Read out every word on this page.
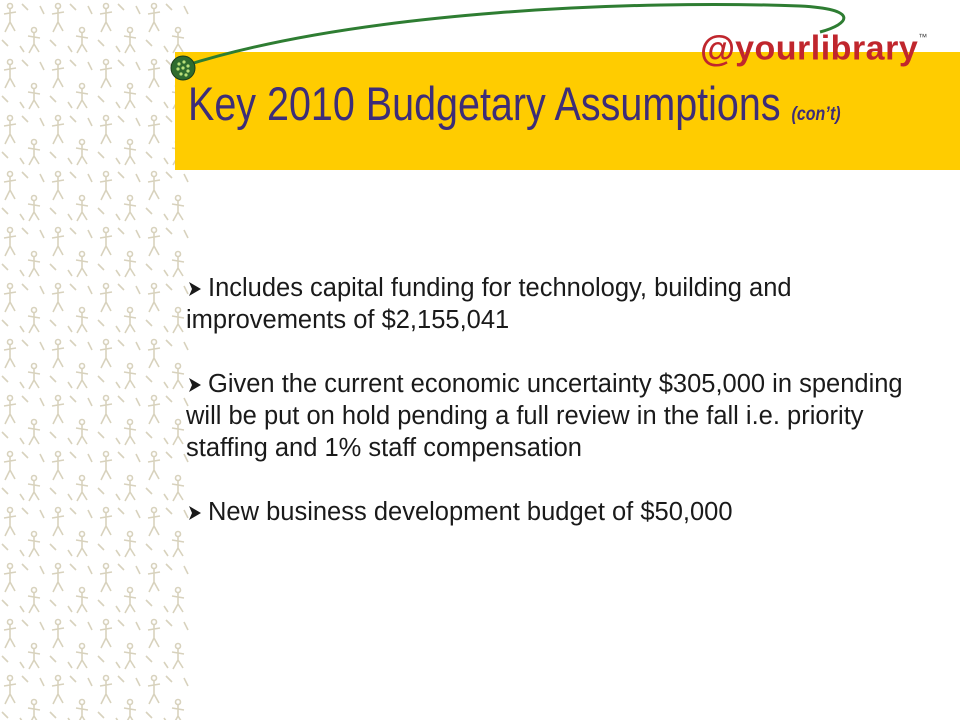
@yourlibrary™
Key 2010 Budgetary Assumptions (con’t)
Includes capital funding for technology, building and improvements of $2,155,041
Given the current economic uncertainty $305,000 in spending will be put on hold pending a full review in the fall i.e. priority staffing and 1% staff compensation
New business development budget of $50,000
